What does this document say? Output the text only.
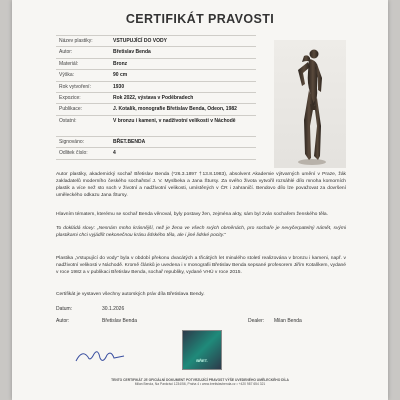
CERTIFIKÁT PRAVOSTI
Název plastiky:	VSTUPUJÍCÍ DO VODY
Autor:	Břetislav Benda
Materiál:	Bronz
Výška:	90 cm
Rok vytvoření:	1930
Expozice:	Rok 2022, výstava v Poděbradech
Publikace:	J. Kotalík, monografie Břetislav Benda, Odeon, 1982
Ostatní:	V bronzu i kameni, v nadživotní velikosti v Náchodě
Signováno:	BŘET.BENDA
Odlitek číslo:	4
Autor plastiky, akademický sochař Břetislav Benda (*26.3.1897 †13.8.1983), absolvent Akademie výtvarných umění v Praze, žák zakladatelů moderního českého sochařství J. V. Myslbeka a Jana Štursy. Za svého života vytvořil rozsáhlé dílo mnoha komorních plastik a více než sto soch v životní a nadživotní velikosti, umístěných v ČR i zahraničí. Bendovo dílo lze považovat za dovršení uměleckého odkazu Jana Štursy.
Hlavním tématem, kterému se sochař Benda věnoval, byly postavy žen, zejména akty, sám byl zván sochařem ženského těla.
To dokládá slovy: „Nesnám mnho krásnější, než je žena ve všech svých obměnách, pro sochaře je nevyčerpatelný námět, svými plastikami chci vyjádřit nekonečnou krásu lidského těla, ale i jiné lidské pocity."
Plastika „Vstupující do vody" byla v období překonu dvacátých a třicátých let minulého století realizována v bronzu i kameni, např. v nadživotní velikosti v Náchodě. Kromě článků je uvedena i v monografii Břetislav Benda sepsané profesorem Jiřím Kotalíkem, vydané v roce 1982 a v publikaci Břetislav Benda, sochař republiky, vydané VHÚ v roce 2015.
Certifikát je vystaven všechny autorských práv díla Břetislava Bendy.
Datum:	30.1.2026
Autor:	Břetislav Benda	Dealer: Milan Benda
BŘET.
TENTO CERTIFIKÁT JE OFICIÁLNÍ DOKUMENT POTVRZUJÍCÍ PRAVOST VÝŠE UVEDENÉHO UMĚLECKÉHO DÍLA
Milan Benda, Na Pankráci 1234/56, Praha 4 • www.bretislavbenda.cz • +420 987 654 321
